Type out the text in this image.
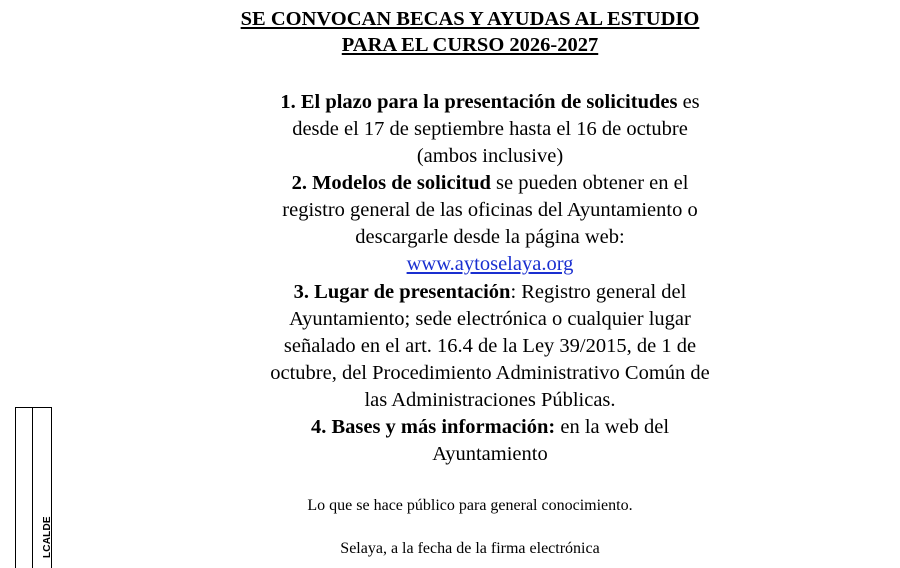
SE CONVOCAN BECAS Y AYUDAS AL ESTUDIO
PARA EL CURSO 2026-2027
1. El plazo para la presentación de solicitudes es
desde el 17 de septiembre hasta el 16 de octubre
(ambos inclusive)
2. Modelos de solicitud se pueden obtener en el
registro general de las oficinas del Ayuntamiento o
descargarle desde la página web:
www.aytoselaya.org
3. Lugar de presentación: Registro general del
Ayuntamiento; sede electrónica o cualquier lugar
señalado en el art. 16.4 de la Ley 39/2015, de 1 de
octubre, del Procedimiento Administrativo Común de
las Administraciones Públicas.
4. Bases y más información: en la web del
Ayuntamiento
Lo que se hace público para general conocimiento.
Selaya, a la fecha de la firma electrónica
LCALDE
